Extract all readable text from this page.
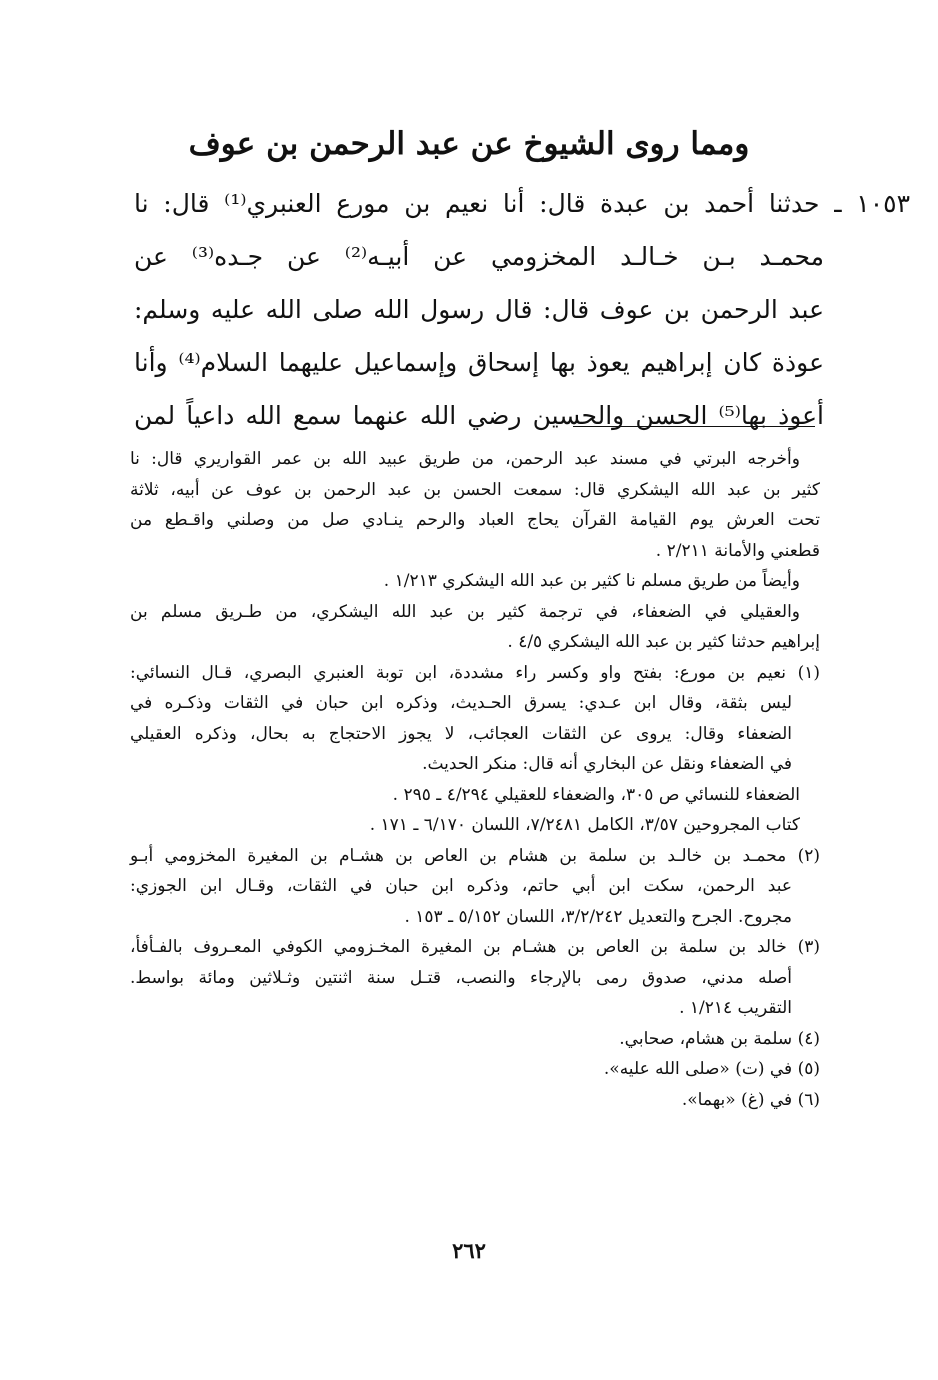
ومما روى الشيوخ عن عبد الرحمن بن عوف
١٠٥٣ ـ حدثنا أحمد بن عبدة قال: أنا نعيم بن مورع العنبري⁽¹⁾ قال: نا
محمـد بـن خـالـد المخزومي عن أبيـه⁽²⁾ عن جـده⁽³⁾ عن
عبد الرحمن بن عوف قال: قال رسول الله صلى الله عليه وسلم:
عوذة كان إبراهيم يعوذ بها إسحاق وإسماعيل عليهما السلام⁽⁴⁾ وأنا
أعوذ بها⁽⁵⁾ الحسن والحسين رضي الله عنهما سمع الله داعياً لمن
وأخرجه البرتي في مسند عبد الرحمن، من طريق عبيد الله بن عمر القواريري قال: نا
كثير بن عبد الله اليشكري قال: سمعت الحسن بن عبد الرحمن بن عوف عن أبيه، ثلاثة
تحت العرش يوم القيامة القرآن يحاج العباد والرحم ينـادي صل من وصلني واقـطع من
قطعني والأمانة ٢/٢١١ .
وأيضاً من طريق مسلم نا كثير بن عبد الله اليشكري ١/٢١٣ .
والعقيلي في الضعفاء، في ترجمة كثير بن عبد الله اليشكري، من طـريق مسلم بن
إبراهيم حدثنا كثير بن عبد الله اليشكري ٤/٥ .
(١) نعيم بن مورع: بفتح واو وكسر راء مشددة، ابن توبة العنبري البصري، قـال النسائي:
ليس بثقة، وقال ابن عـدي: يسرق الحـديث، وذكره ابن حبان في الثقات وذكـره في
الضعفاء وقال: يروى عن الثقات العجائب، لا يجوز الاحتجاج به بحال، وذكره العقيلي
في الضعفاء ونقل عن البخاري أنه قال: منكر الحديث.
الضعفاء للنسائي ص ٣٠٥، والضعفاء للعقيلي ٤/٢٩٤ ـ ٢٩٥ .
كتاب المجروحين ٣/٥٧، الكامل ٧/٢٤٨١، اللسان ٦/١٧٠ ـ ١٧١ .
(٢) محمـد بن خالـد بن سلمة بن هشام بن العاص بن هشـام بن المغيرة المخزومي أبـو
عبد الرحمن، سكت ابن أبي حاتم، وذكره ابن حبان في الثقات، وقـال ابن الجوزي:
مجروح. الجرح والتعديل ٣/٢/٢٤٢، اللسان ٥/١٥٢ ـ ١٥٣ .
(٣) خالد بن سلمة بن العاص بن هشـام بن المغيرة المخـزومي الكوفي المعـروف بالفـأفأ،
أصله مدني، صدوق رمى بالإرجاء والنصب، قتـل سنة اثنتين وثـلاثين ومائة بواسط.
التقريب ١/٢١٤ .
(٤) سلمة بن هشام، صحابي.
(٥) في (ت) «صلى الله عليه».
(٦) في (غ) «بهما».
٢٦٢
